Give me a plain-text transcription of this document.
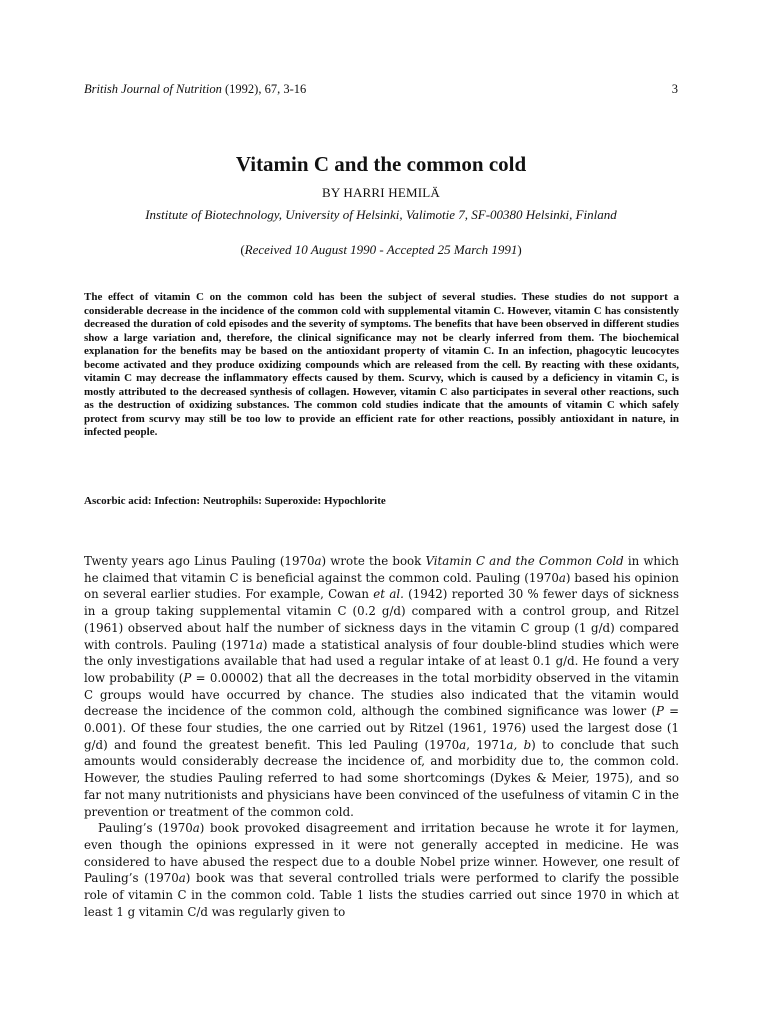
British Journal of Nutrition (1992), 67, 3-16	3
Vitamin C and the common cold
BY HARRI HEMILÄ
Institute of Biotechnology, University of Helsinki, Valimotie 7, SF-00380 Helsinki, Finland
(Received 10 August 1990 - Accepted 25 March 1991)

The effect of vitamin C on the common cold has been the subject of several studies. These studies do not support a considerable decrease in the incidence of the common cold with supplemental vitamin C. However, vitamin C has consistently decreased the duration of cold episodes and the severity of symptoms. The benefits that have been observed in different studies show a large variation and, therefore, the clinical significance may not be clearly inferred from them. The biochemical explanation for the benefits may be based on the antioxidant property of vitamin C. In an infection, phagocytic leucocytes become activated and they produce oxidizing compounds which are released from the cell. By reacting with these oxidants, vitamin C may decrease the inflammatory effects caused by them. Scurvy, which is caused by a deficiency in vitamin C, is mostly attributed to the decreased synthesis of collagen. However, vitamin C also participates in several other reactions, such as the destruction of oxidizing substances. The common cold studies indicate that the amounts of vitamin C which safely protect from scurvy may still be too low to provide an efficient rate for other reactions, possibly antioxidant in nature, in infected people.

Ascorbic acid: Infection: Neutrophils: Superoxide: Hypochlorite

Twenty years ago Linus Pauling (1970a) wrote the book Vitamin C and the Common Cold in which he claimed that vitamin C is beneficial against the common cold. Pauling (1970a) based his opinion on several earlier studies. For example, Cowan et al. (1942) reported 30 % fewer days of sickness in a group taking supplemental vitamin C (0.2 g/d) compared with a control group, and Ritzel (1961) observed about half the number of sickness days in the vitamin C group (1 g/d) compared with controls. Pauling (1971a) made a statistical analysis of four double-blind studies which were the only investigations available that had used a regular intake of at least 0.1 g/d. He found a very low probability (P = 0.00002) that all the decreases in the total morbidity observed in the vitamin C groups would have occurred by chance. The studies also indicated that the vitamin would decrease the incidence of the common cold, although the combined significance was lower (P = 0.001). Of these four studies, the one carried out by Ritzel (1961, 1976) used the largest dose (1 g/d) and found the greatest benefit. This led Pauling (1970a, 1971a, b) to conclude that such amounts would considerably decrease the incidence of, and morbidity due to, the common cold. However, the studies Pauling referred to had some shortcomings (Dykes & Meier, 1975), and so far not many nutritionists and physicians have been convinced of the usefulness of vitamin C in the prevention or treatment of the common cold.

Pauling’s (1970a) book provoked disagreement and irritation because he wrote it for laymen, even though the opinions expressed in it were not generally accepted in medicine. He was considered to have abused the respect due to a double Nobel prize winner. However, one result of Pauling’s (1970a) book was that several controlled trials were performed to clarify the possible role of vitamin C in the common cold. Table 1 lists the studies carried out since 1970 in which at least 1 g vitamin C/d was regularly given to
